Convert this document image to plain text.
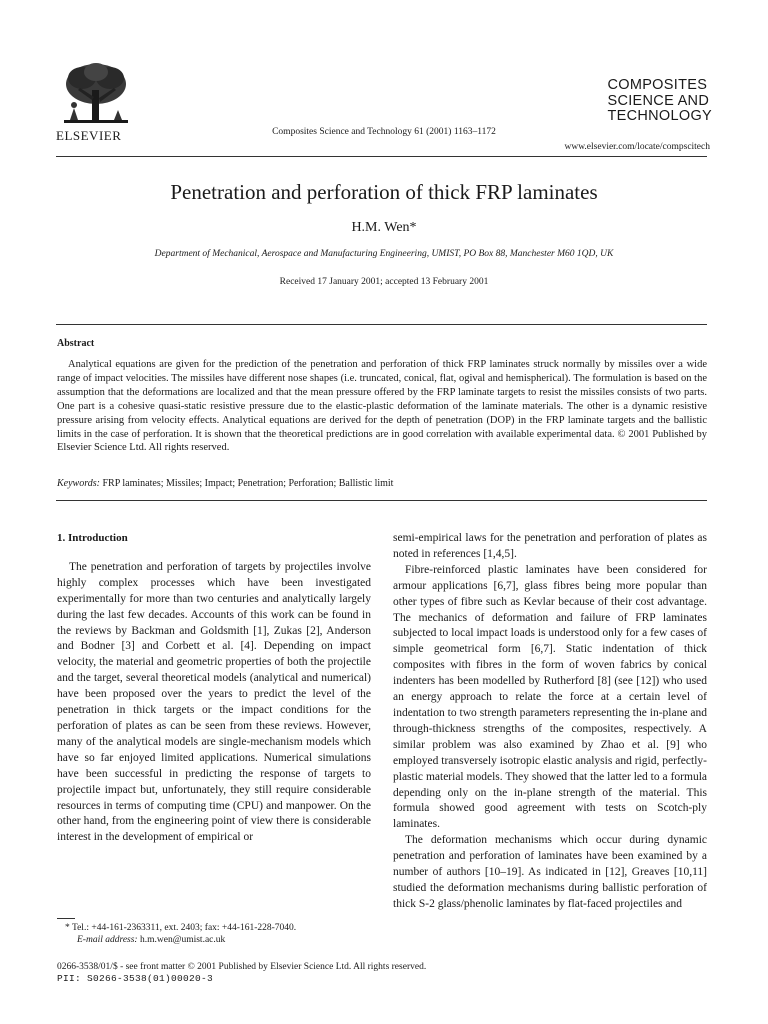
ELSEVIER	Composites Science and Technology 61 (2001) 1163–1172
COMPOSITES
SCIENCE AND
TECHNOLOGY
www.elsevier.com/locate/compscitech
Penetration and perforation of thick FRP laminates
H.M. Wen*
Department of Mechanical, Aerospace and Manufacturing Engineering, UMIST, PO Box 88, Manchester M60 1QD, UK
Received 17 January 2001; accepted 13 February 2001
Abstract
Analytical equations are given for the prediction of the penetration and perforation of thick FRP laminates struck normally by missiles over a wide range of impact velocities. The missiles have different nose shapes (i.e. truncated, conical, flat, ogival and hemispherical). The formulation is based on the assumption that the deformations are localized and that the mean pressure offered by the FRP laminate targets to resist the missiles consists of two parts. One part is a cohesive quasi-static resistive pressure due to the elastic-plastic deformation of the laminate materials. The other is a dynamic resistive pressure arising from velocity effects. Analytical equations are derived for the depth of penetration (DOP) in the FRP laminate targets and the ballistic limits in the case of perforation. It is shown that the theoretical predictions are in good correlation with available experimental data. © 2001 Published by Elsevier Science Ltd. All rights reserved.
Keywords: FRP laminates; Missiles; Impact; Penetration; Perforation; Ballistic limit
1. Introduction

The penetration and perforation of targets by projectiles involve highly complex processes which have been investigated experimentally for more than two centuries and analytically largely during the last few decades. Accounts of this work can be found in the reviews by Backman and Goldsmith [1], Zukas [2], Anderson and Bodner [3] and Corbett et al. [4]. Depending on impact velocity, the material and geometric properties of both the projectile and the target, several theoretical models (analytical and numerical) have been proposed over the years to predict the level of the penetration in thick targets or the impact conditions for the perforation of plates as can be seen from these reviews. However, many of the analytical models are single-mechanism models which have so far enjoyed limited applications. Numerical simulations have been successful in predicting the response of targets to projectile impact but, unfortunately, they still require considerable resources in terms of computing time (CPU) and manpower. On the other hand, from the engineering point of view there is considerable interest in the development of empirical or

semi-empirical laws for the penetration and perforation of plates as noted in references [1,4,5].

Fibre-reinforced plastic laminates have been considered for armour applications [6,7], glass fibres being more popular than other types of fibre such as Kevlar because of their cost advantage. The mechanics of deformation and failure of FRP laminates subjected to local impact loads is understood only for a few cases of simple geometrical form [6,7]. Static indentation of thick composites with fibres in the form of woven fabrics by conical indenters has been modelled by Rutherford [8] (see [12]) who used an energy approach to relate the force at a certain level of indentation to two strength parameters representing the in-plane and through-thickness strengths of the composites, respectively. A similar problem was also examined by Zhao et al. [9] who employed transversely isotropic elastic analysis and rigid, perfectly-plastic material models. They showed that the latter led to a formula depending only on the in-plane strength of the material. This formula showed good agreement with tests on Scotch-ply laminates.

The deformation mechanisms which occur during dynamic penetration and perforation of laminates have been examined by a number of authors [10–19]. As indicated in [12], Greaves [10,11] studied the deformation mechanisms during ballistic perforation of thick S-2 glass/phenolic laminates by flat-faced projectiles and

* Tel.: +44-161-2363311, ext. 2403; fax: +44-161-228-7040.
E-mail address: h.m.wen@umist.ac.uk
0266-3538/01/$ - see front matter © 2001 Published by Elsevier Science Ltd. All rights reserved.
PII: S0266-3538(01)00020-3
